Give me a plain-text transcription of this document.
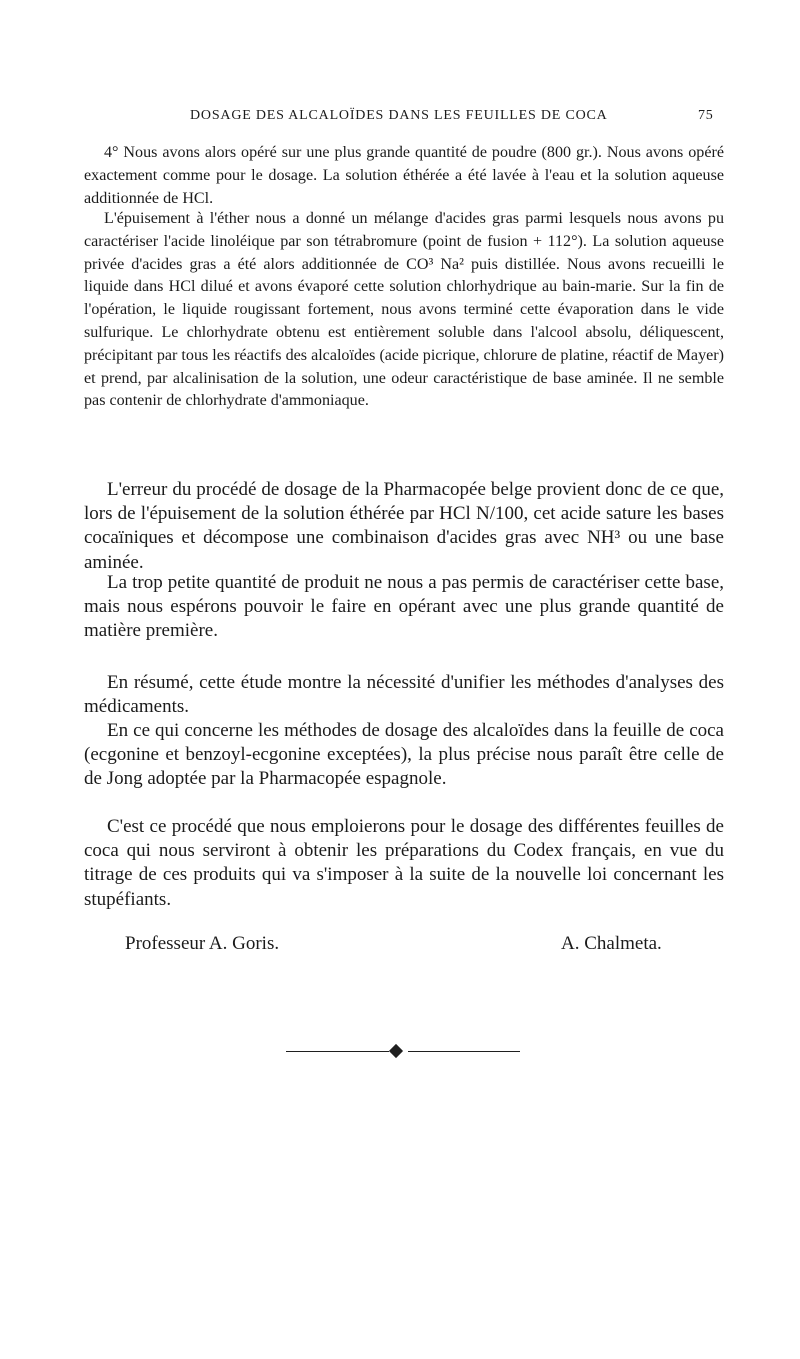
DOSAGE DES ALCALOÏDES DANS LES FEUILLES DE COCA	75

4° Nous avons alors opéré sur une plus grande quantité de poudre (800 gr.). Nous avons opéré exactement comme pour le dosage. La solution éthérée a été lavée à l'eau et la solution aqueuse additionnée de HCl.

L'épuisement à l'éther nous a donné un mélange d'acides gras parmi lesquels nous avons pu caractériser l'acide linoléique par son tétrabromure (point de fusion + 112°). La solution aqueuse privée d'acides gras a été alors additionnée de CO³ Na² puis distillée. Nous avons recueilli le liquide dans HCl dilué et avons évaporé cette solution chlorhydrique au bain-marie. Sur la fin de l'opération, le liquide rougissant fortement, nous avons terminé cette évaporation dans le vide sulfurique. Le chlorhydrate obtenu est entièrement soluble dans l'alcool absolu, déliquescent, précipitant par tous les réactifs des alcaloïdes (acide picrique, chlorure de platine, réactif de Mayer) et prend, par alcalinisation de la solution, une odeur caractéristique de base aminée. Il ne semble pas contenir de chlorhydrate d'ammoniaque.

L'erreur du procédé de dosage de la Pharmacopée belge provient donc de ce que, lors de l'épuisement de la solution éthérée par HCl N/100, cet acide sature les bases cocaïniques et décompose une combinaison d'acides gras avec NH³ ou une base aminée.

La trop petite quantité de produit ne nous a pas permis de caractériser cette base, mais nous espérons pouvoir le faire en opérant avec une plus grande quantité de matière première.

En résumé, cette étude montre la nécessité d'unifier les méthodes d'analyses des médicaments.

En ce qui concerne les méthodes de dosage des alcaloïdes dans la feuille de coca (ecgonine et benzoyl-ecgonine exceptées), la plus précise nous paraît être celle de de Jong adoptée par la Pharmacopée espagnole.

C'est ce procédé que nous emploierons pour le dosage des différentes feuilles de coca qui nous serviront à obtenir les préparations du Codex français, en vue du titrage de ces produits qui va s'imposer à la suite de la nouvelle loi concernant les stupéfiants.

Professeur A. Goris.	A. Chalmeta.
